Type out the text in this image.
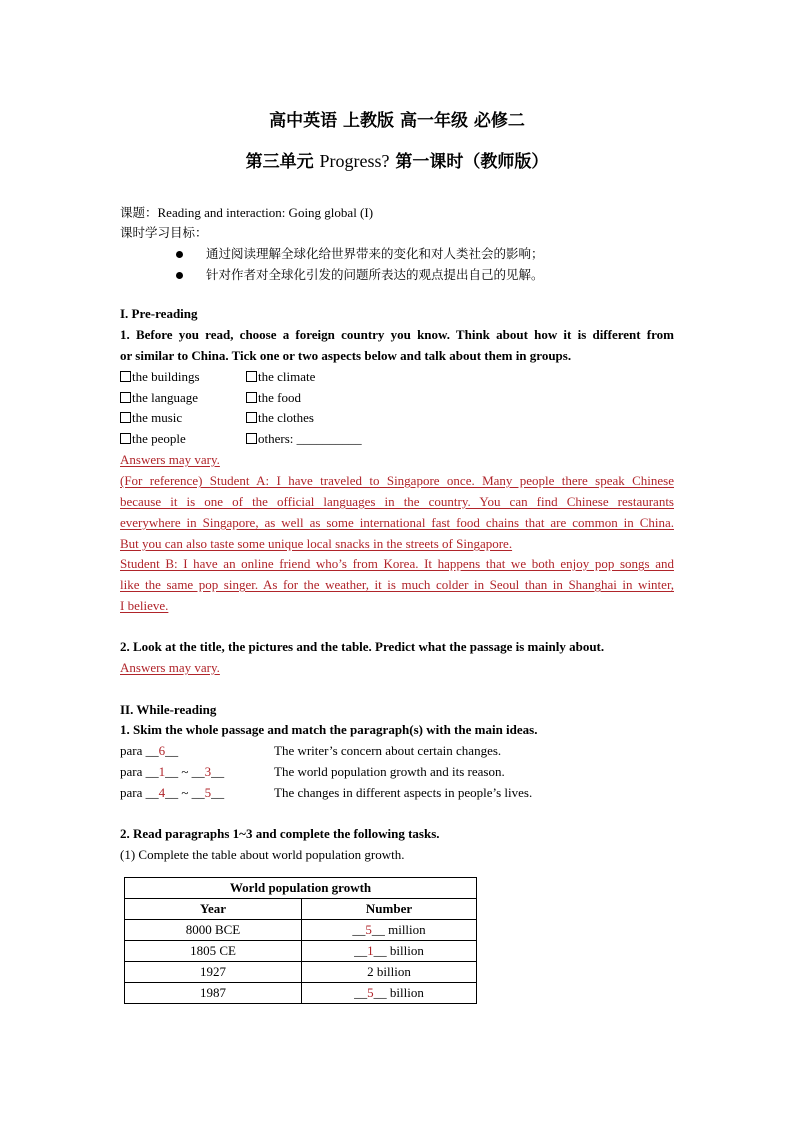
高中英语 上教版 高一年级 必修二
第三单元 Progress? 第一课时（教师版）
课题：Reading and interaction: Going global (I)
课时学习目标：
通过阅读理解全球化给世界带来的变化和对人类社会的影响；
针对作者对全球化引发的问题所表达的观点提出自己的见解。
I. Pre-reading
1. Before you read, choose a foreign country you know. Think about how it is different from
or similar to China. Tick one or two aspects below and talk about them in groups.
the buildings	the climate
the language	the food
the music	the clothes
the people	others: __________
Answers may vary.
(For reference) Student A: I have traveled to Singapore once. Many people there speak Chinese
because it is one of the official languages in the country. You can find Chinese restaurants
everywhere in Singapore, as well as some international fast food chains that are common in China.
But you can also taste some unique local snacks in the streets of Singapore.
Student B: I have an online friend who’s from Korea. It happens that we both enjoy pop songs and
like the same pop singer. As for the weather, it is much colder in Seoul than in Shanghai in winter,
I believe.
2. Look at the title, the pictures and the table. Predict what the passage is mainly about.
Answers may vary.
II. While-reading
1. Skim the whole passage and match the paragraph(s) with the main ideas.
para __6__	The writer’s concern about certain changes.
para __1__ ~ __3__	The world population growth and its reason.
para __4__ ~ __5__	The changes in different aspects in people’s lives.
2. Read paragraphs 1~3 and complete the following tasks.
(1) Complete the table about world population growth.
World population growth	
Year	Number
8000 BCE	__5__ million
1805 CE	__1__ billion
1927	2 billion
1987	__5__ billion
